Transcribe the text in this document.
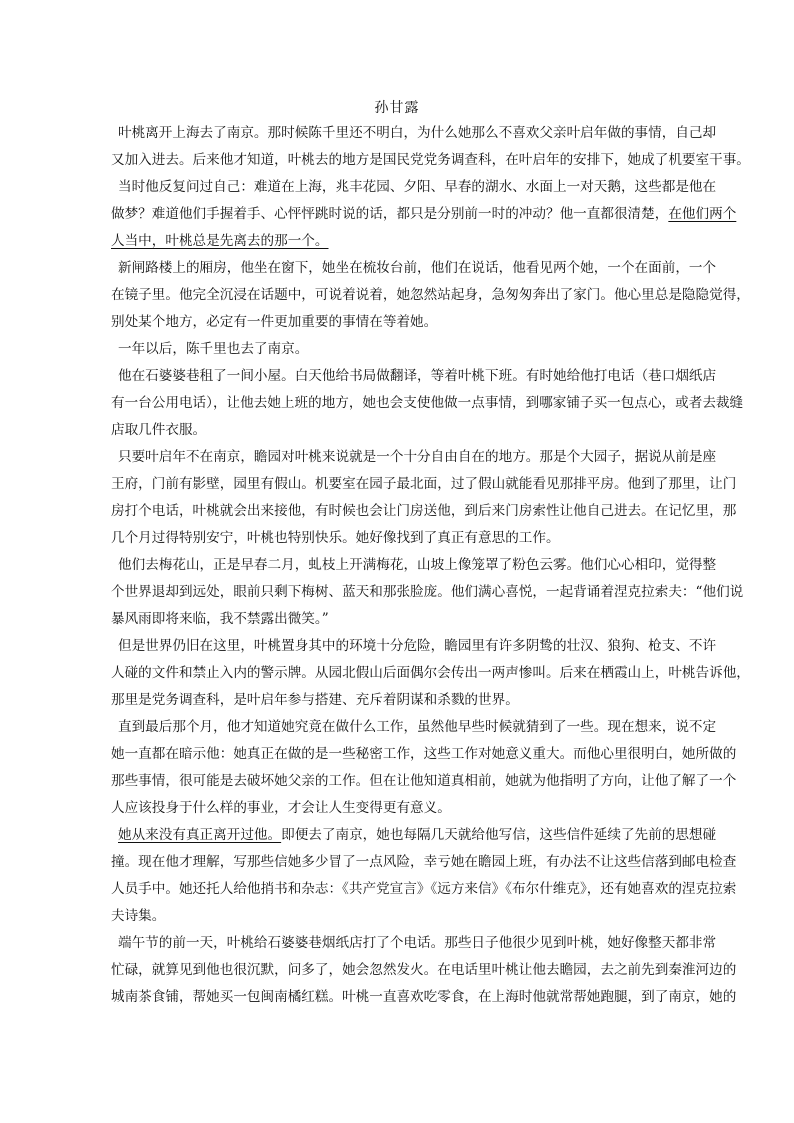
孙甘露
叶桃离开上海去了南京。那时候陈千里还不明白，为什么她那么不喜欢父亲叶启年做的事情，自己却
又加入进去。后来他才知道，叶桃去的地方是国民党党务调查科，在叶启年的安排下，她成了机要室干事。
当时他反复问过自己：难道在上海，兆丰花园、夕阳、早春的湖水、水面上一对天鹅，这些都是他在
做梦？难道他们手握着手、心怦怦跳时说的话，都只是分别前一时的冲动？他一直都很清楚，在他们两个
人当中，叶桃总是先离去的那一个。
新闸路楼上的厢房，他坐在窗下，她坐在梳妆台前，他们在说话，他看见两个她，一个在面前，一个
在镜子里。他完全沉浸在话题中，可说着说着，她忽然站起身，急匆匆奔出了家门。他心里总是隐隐觉得，
别处某个地方，必定有一件更加重要的事情在等着她。
一年以后，陈千里也去了南京。
他在石婆婆巷租了一间小屋。白天他给书局做翻译，等着叶桃下班。有时她给他打电话（巷口烟纸店
有一台公用电话），让他去她上班的地方，她也会支使他做一点事情，到哪家铺子买一包点心，或者去裁缝
店取几件衣服。
只要叶启年不在南京，瞻园对叶桃来说就是一个十分自由自在的地方。那是个大园子，据说从前是座
王府，门前有影壁，园里有假山。机要室在园子最北面，过了假山就能看见那排平房。他到了那里，让门
房打个电话，叶桃就会出来接他，有时候也会让门房送他，到后来门房索性让他自己进去。在记忆里，那
几个月过得特别安宁，叶桃也特别快乐。她好像找到了真正有意思的工作。
他们去梅花山，正是早春二月，虬枝上开满梅花，山坡上像笼罩了粉色云雾。他们心心相印，觉得整
个世界退却到远处，眼前只剩下梅树、蓝天和那张脸庞。他们满心喜悦，一起背诵着涅克拉索夫：“他们说
暴风雨即将来临，我不禁露出微笑。”
但是世界仍旧在这里，叶桃置身其中的环境十分危险，瞻园里有许多阴鸷的壮汉、狼狗、枪支、不许
人碰的文件和禁止入内的警示牌。从园北假山后面偶尔会传出一两声惨叫。后来在栖霞山上，叶桃告诉他，
那里是党务调查科，是叶启年参与搭建、充斥着阴谋和杀戮的世界。
直到最后那个月，他才知道她究竟在做什么工作，虽然他早些时候就猜到了一些。现在想来，说不定
她一直都在暗示他：她真正在做的是一些秘密工作，这些工作对她意义重大。而他心里很明白，她所做的
那些事情，很可能是去破坏她父亲的工作。但在让他知道真相前，她就为他指明了方向，让他了解了一个
人应该投身于什么样的事业，才会让人生变得更有意义。
她从来没有真正离开过他。即便去了南京，她也每隔几天就给他写信，这些信件延续了先前的思想碰
撞。现在他才理解，写那些信她多少冒了一点风险，幸亏她在瞻园上班，有办法不让这些信落到邮电检查
人员手中。她还托人给他捎书和杂志：《共产党宣言》《远方来信》《布尔什维克》，还有她喜欢的涅克拉索
夫诗集。
端午节的前一天，叶桃给石婆婆巷烟纸店打了个电话。那些日子他很少见到叶桃，她好像整天都非常
忙碌，就算见到他也很沉默，问多了，她会忽然发火。在电话里叶桃让他去瞻园，去之前先到秦淮河边的
城南茶食铺，帮她买一包闽南橘红糕。叶桃一直喜欢吃零食，在上海时他就常帮她跑腿，到了南京，她的
